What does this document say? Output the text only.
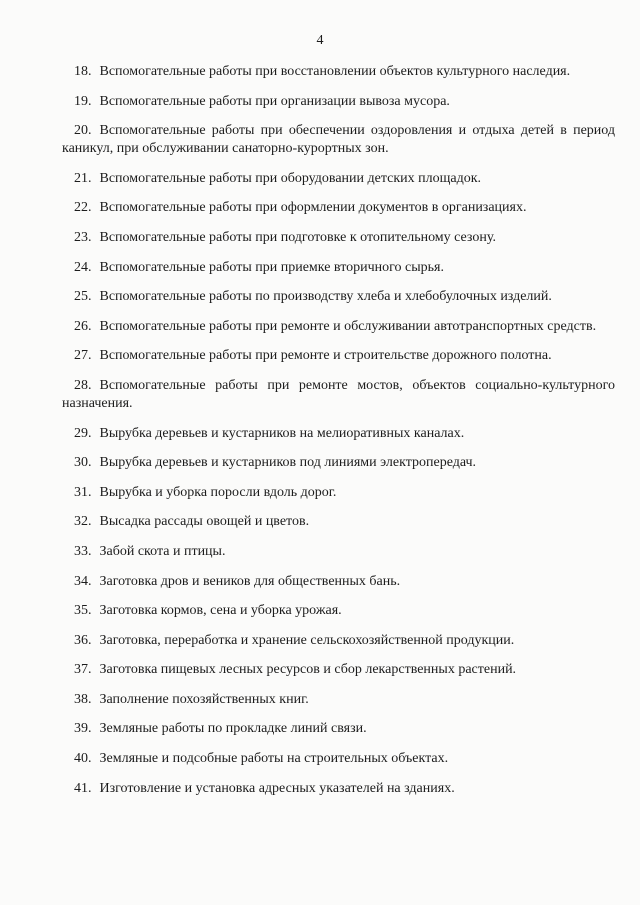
4

18. Вспомогательные работы при восстановлении объектов культурного наследия.

19. Вспомогательные работы при организации вывоза мусора.

20. Вспомогательные работы при обеспечении оздоровления и отдыха детей в период каникул, при обслуживании санаторно-курортных зон.

21. Вспомогательные работы при оборудовании детских площадок.

22. Вспомогательные работы при оформлении документов в организациях.

23. Вспомогательные работы при подготовке к отопительному сезону.

24. Вспомогательные работы при приемке вторичного сырья.

25. Вспомогательные работы по производству хлеба и хлебобулочных изделий.

26. Вспомогательные работы при ремонте и обслуживании автотранспортных средств.

27. Вспомогательные работы при ремонте и строительстве дорожного полотна.

28. Вспомогательные работы при ремонте мостов, объектов социально-культурного назначения.

29. Вырубка деревьев и кустарников на мелиоративных каналах.

30. Вырубка деревьев и кустарников под линиями электропередач.

31. Вырубка и уборка поросли вдоль дорог.

32. Высадка рассады овощей и цветов.

33. Забой скота и птицы.

34. Заготовка дров и веников для общественных бань.

35. Заготовка кормов, сена и уборка урожая.

36. Заготовка, переработка и хранение сельскохозяйственной продукции.

37. Заготовка пищевых лесных ресурсов и сбор лекарственных растений.

38. Заполнение похозяйственных книг.

39. Земляные работы по прокладке линий связи.

40. Земляные и подсобные работы на строительных объектах.

41. Изготовление и установка адресных указателей на зданиях.
